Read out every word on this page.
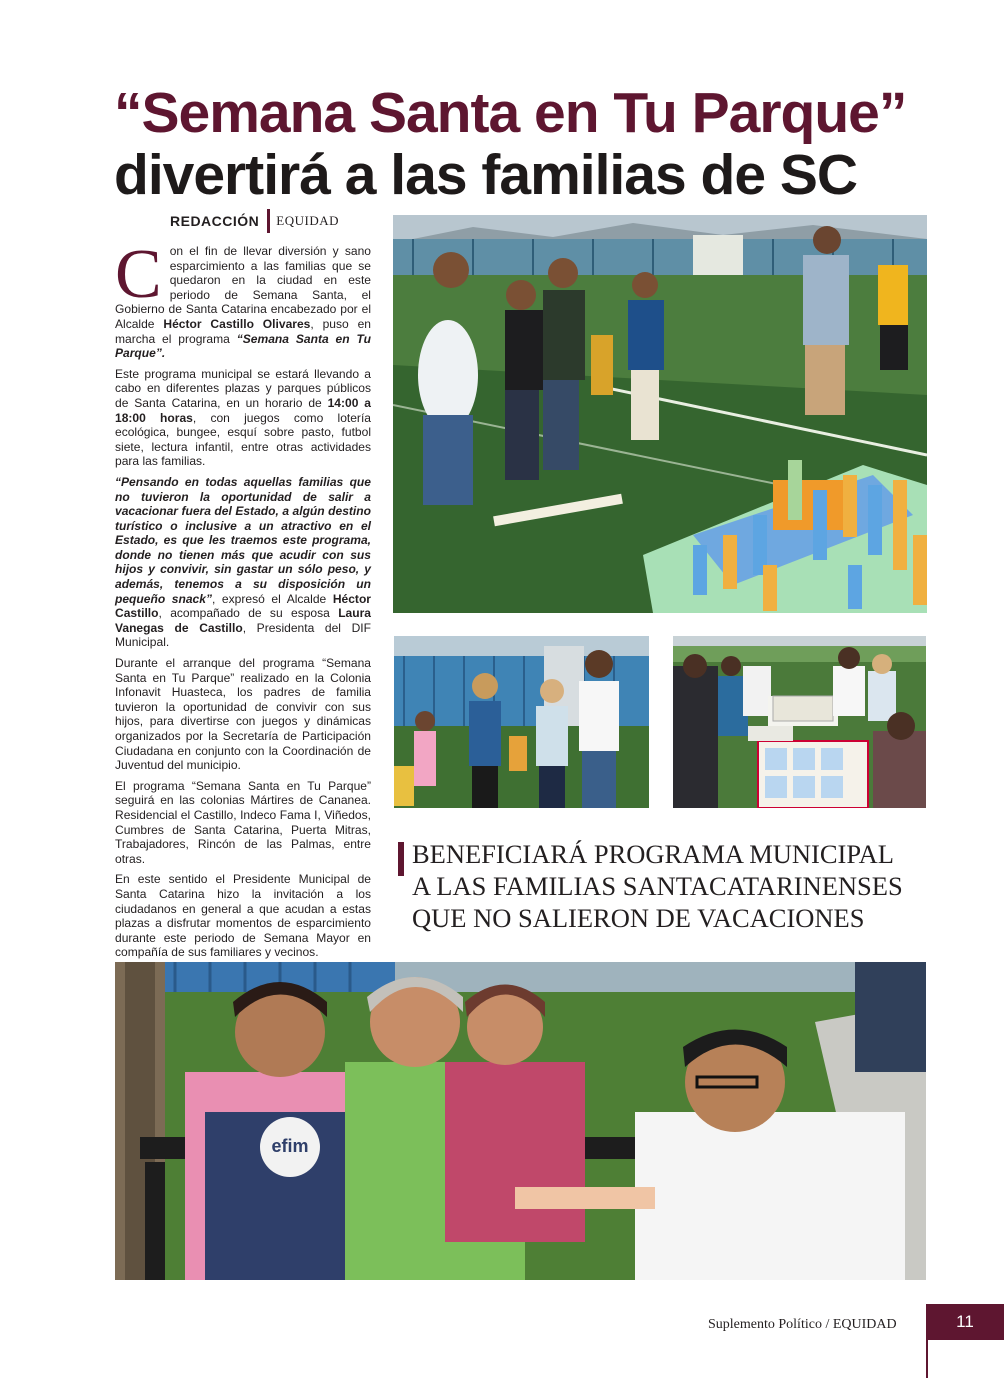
“Semana Santa en Tu Parque”
divertirá a las familias de SC
REDACCIÓN EQUIDAD

Con el fin de llevar diversión y sano esparcimiento a las familias que se quedaron en la ciudad en este periodo de Semana Santa, el Gobierno de Santa Catarina encabezado por el Alcalde Héctor Castillo Olivares, puso en marcha el programa “Semana Santa en Tu Parque”.

Este programa municipal se estará llevando a cabo en diferentes plazas y parques públicos de Santa Catarina, en un horario de 14:00 a 18:00 horas, con juegos como lotería ecológica, bungee, esquí sobre pasto, futbol siete, lectura infantil, entre otras actividades para las familias.

“Pensando en todas aquellas familias que no tuvieron la oportunidad de salir a vacacionar fuera del Estado, a algún destino turístico o inclusive a un atractivo en el Estado, es que les traemos este programa, donde no tienen más que acudir con sus hijos y convivir, sin gastar un sólo peso, y además, tenemos a su disposición un pequeño snack”, expresó el Alcalde Héctor Castillo, acompañado de su esposa Laura Vanegas de Castillo, Presidenta del DIF Municipal.

Durante el arranque del programa “Semana Santa en Tu Parque” realizado en la Colonia Infonavit Huasteca, los padres de familia tuvieron la oportunidad de convivir con sus hijos, para divertirse con juegos y dinámicas organizados por la Secretaría de Participación Ciudadana en conjunto con la Coordinación de Juventud del municipio.

El programa “Semana Santa en Tu Parque” seguirá en las colonias Mártires de Cananea. Residencial el Castillo, Indeco Fama I, Viñedos, Cumbres de Santa Catarina, Puerta Mitras, Trabajadores, Rincón de las Palmas, entre otras.

En este sentido el Presidente Municipal de Santa Catarina hizo la invitación a los ciudadanos en general a que acudan a estas plazas a disfrutar momentos de esparcimiento durante este periodo de Semana Mayor en compañía de sus familiares y vecinos.

BENEFICIARÁ PROGRAMA MUNICIPAL
A LAS FAMILIAS SANTACATARINENSES
QUE NO SALIERON DE VACACIONES
efim
Suplemento Político / EQUIDAD	11
